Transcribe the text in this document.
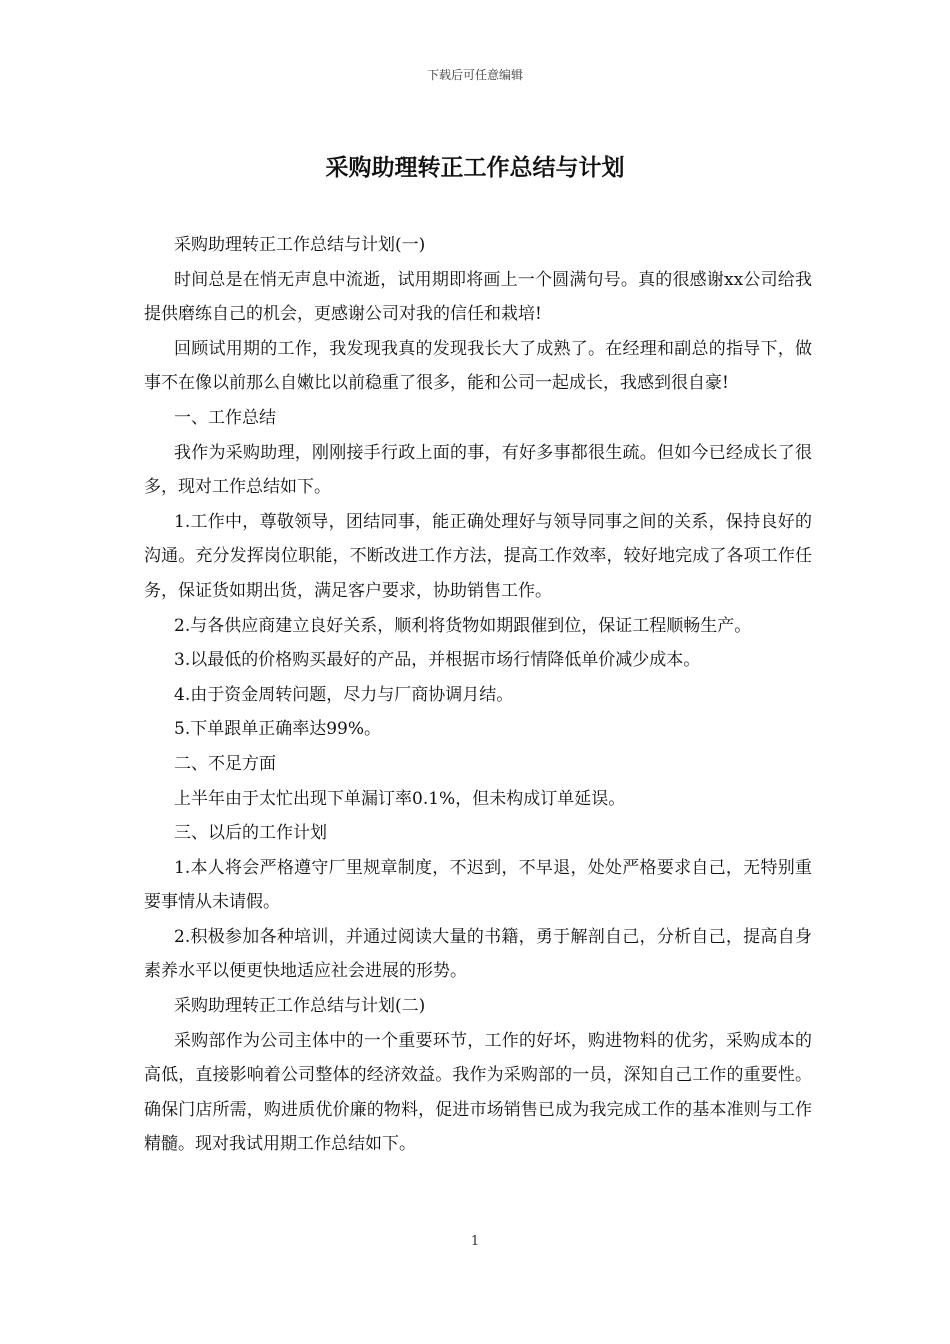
下载后可任意编辑
采购助理转正工作总结与计划

采购助理转正工作总结与计划(一)

时间总是在悄无声息中流逝，试用期即将画上一个圆满句号。真的很感谢xx公司给我提供磨练自己的机会，更感谢公司对我的信任和栽培!

回顾试用期的工作，我发现我真的发现我长大了成熟了。在经理和副总的指导下，做事不在像以前那么自嫩比以前稳重了很多，能和公司一起成长，我感到很自豪!

一、工作总结

我作为采购助理，刚刚接手行政上面的事，有好多事都很生疏。但如今已经成长了很多，现对工作总结如下。

1.工作中，尊敬领导，团结同事，能正确处理好与领导同事之间的关系，保持良好的沟通。充分发挥岗位职能，不断改进工作方法，提高工作效率，较好地完成了各项工作任务，保证货如期出货，满足客户要求，协助销售工作。

2.与各供应商建立良好关系，顺利将货物如期跟催到位，保证工程顺畅生产。

3.以最低的价格购买最好的产品，并根据市场行情降低单价减少成本。

4.由于资金周转问题，尽力与厂商协调月结。

5.下单跟单正确率达99%。

二、不足方面

上半年由于太忙出现下单漏订率0.1%，但未构成订单延误。

三、以后的工作计划

1.本人将会严格遵守厂里规章制度，不迟到，不早退，处处严格要求自己，无特别重要事情从未请假。

2.积极参加各种培训，并通过阅读大量的书籍，勇于解剖自己，分析自己，提高自身素养水平以便更快地适应社会进展的形势。

采购助理转正工作总结与计划(二)

采购部作为公司主体中的一个重要环节，工作的好坏，购进物料的优劣，采购成本的高低，直接影响着公司整体的经济效益。我作为采购部的一员，深知自己工作的重要性。确保门店所需，购进质优价廉的物料，促进市场销售已成为我完成工作的基本准则与工作精髓。现对我试用期工作总结如下。

1
